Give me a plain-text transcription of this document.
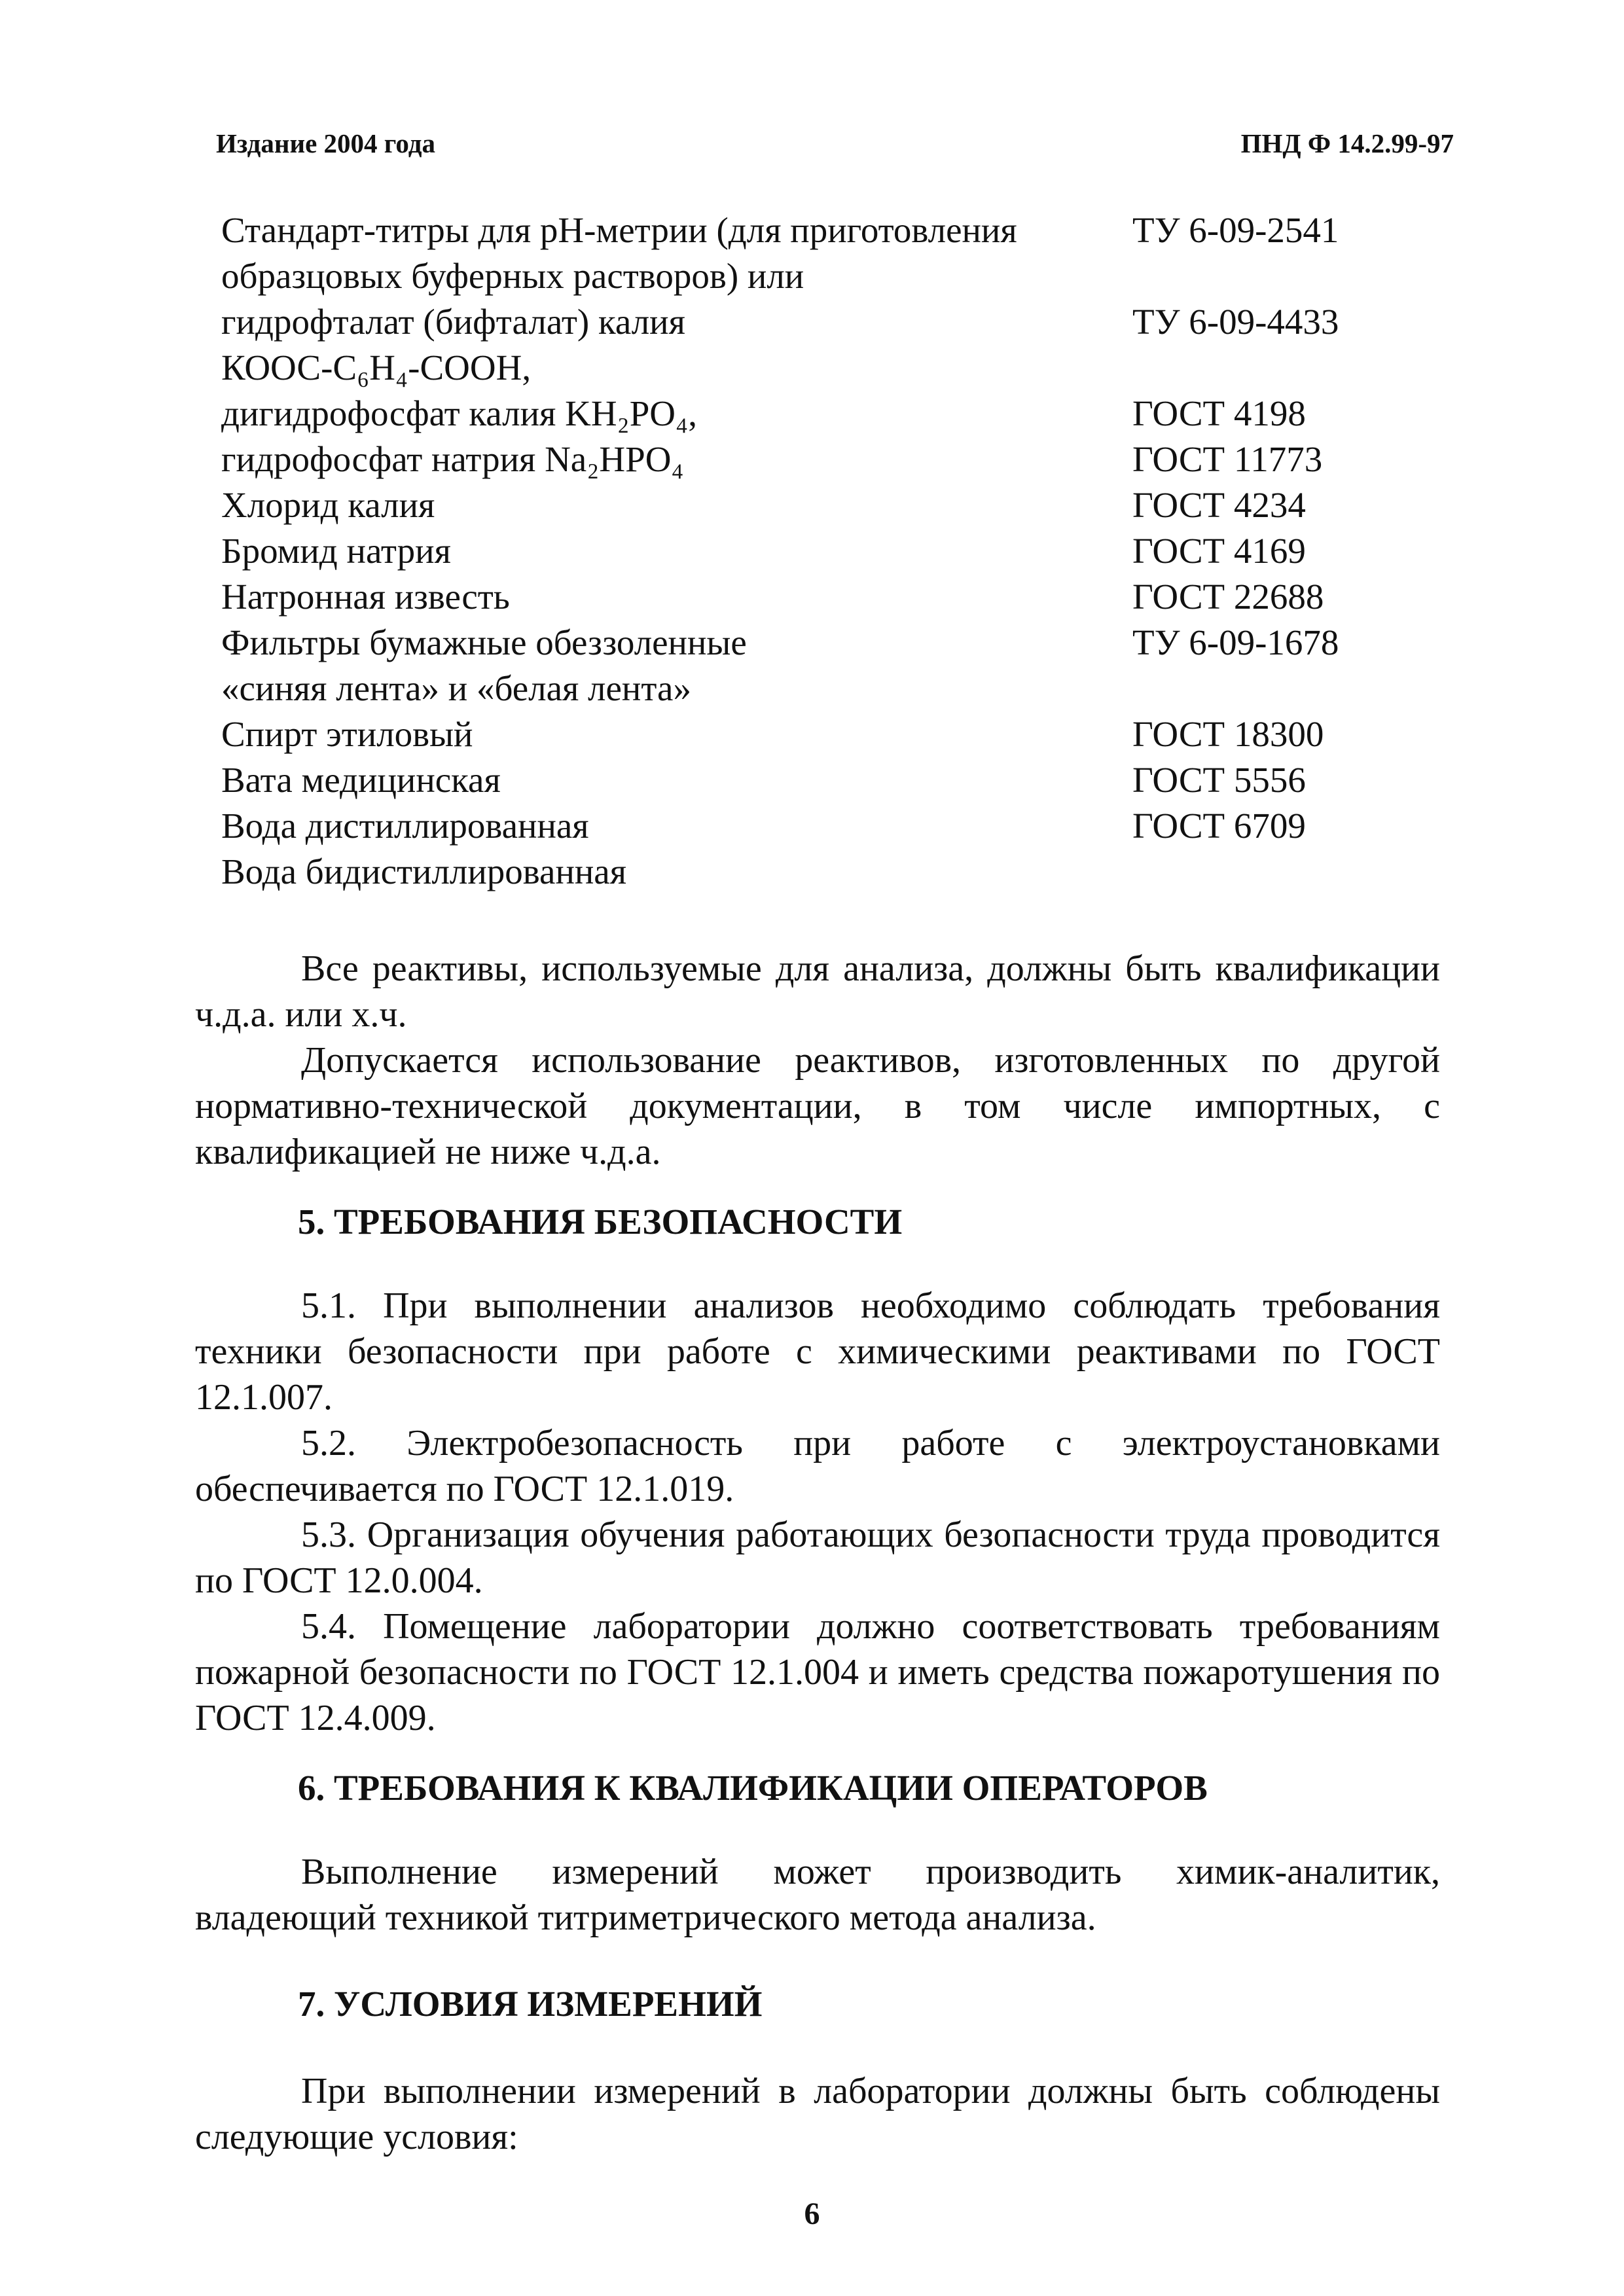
Издание 2004 года	ПНД Ф 14.2.99-97
Стандарт-титры для pH-метрии (для приготовления	ТУ 6-09-2541
образцовых буферных растворов) или
гидрофталат (бифталат) калия	ТУ 6-09-4433
КООС-C₆H₄-СООН,
дигидрофосфат калия KH₂PO₄,	ГОСТ 4198
гидрофосфат натрия Na₂HPO₄	ГОСТ 11773
Хлорид калия	ГОСТ 4234
Бромид натрия	ГОСТ 4169
Натронная известь	ГОСТ 22688
Фильтры бумажные обеззоленные	ТУ 6-09-1678
«синяя лента» и «белая лента»
Спирт этиловый	ГОСТ 18300
Вата медицинская	ГОСТ 5556
Вода дистиллированная	ГОСТ 6709
Вода бидистиллированная

Все реактивы, используемые для анализа, должны быть квалификации ч.д.а. или х.ч.

Допускается использование реактивов, изготовленных по другой нормативно-технической документации, в том числе импортных, с квалификацией не ниже ч.д.а.

5. ТРЕБОВАНИЯ БЕЗОПАСНОСТИ

5.1. При выполнении анализов необходимо соблюдать требования техники безопасности при работе с химическими реактивами по ГОСТ 12.1.007.

5.2. Электробезопасность при работе с электроустановками обеспечивается по ГОСТ 12.1.019.

5.3. Организация обучения работающих безопасности труда проводится по ГОСТ 12.0.004.

5.4. Помещение лаборатории должно соответствовать требованиям пожарной безопасности по ГОСТ 12.1.004 и иметь средства пожаротушения по ГОСТ 12.4.009.

6. ТРЕБОВАНИЯ К КВАЛИФИКАЦИИ ОПЕРАТОРОВ

Выполнение измерений может производить химик-аналитик, владеющий техникой титриметрического метода анализа.

7. УСЛОВИЯ ИЗМЕРЕНИЙ

При выполнении измерений в лаборатории должны быть соблюдены следующие условия:

6
